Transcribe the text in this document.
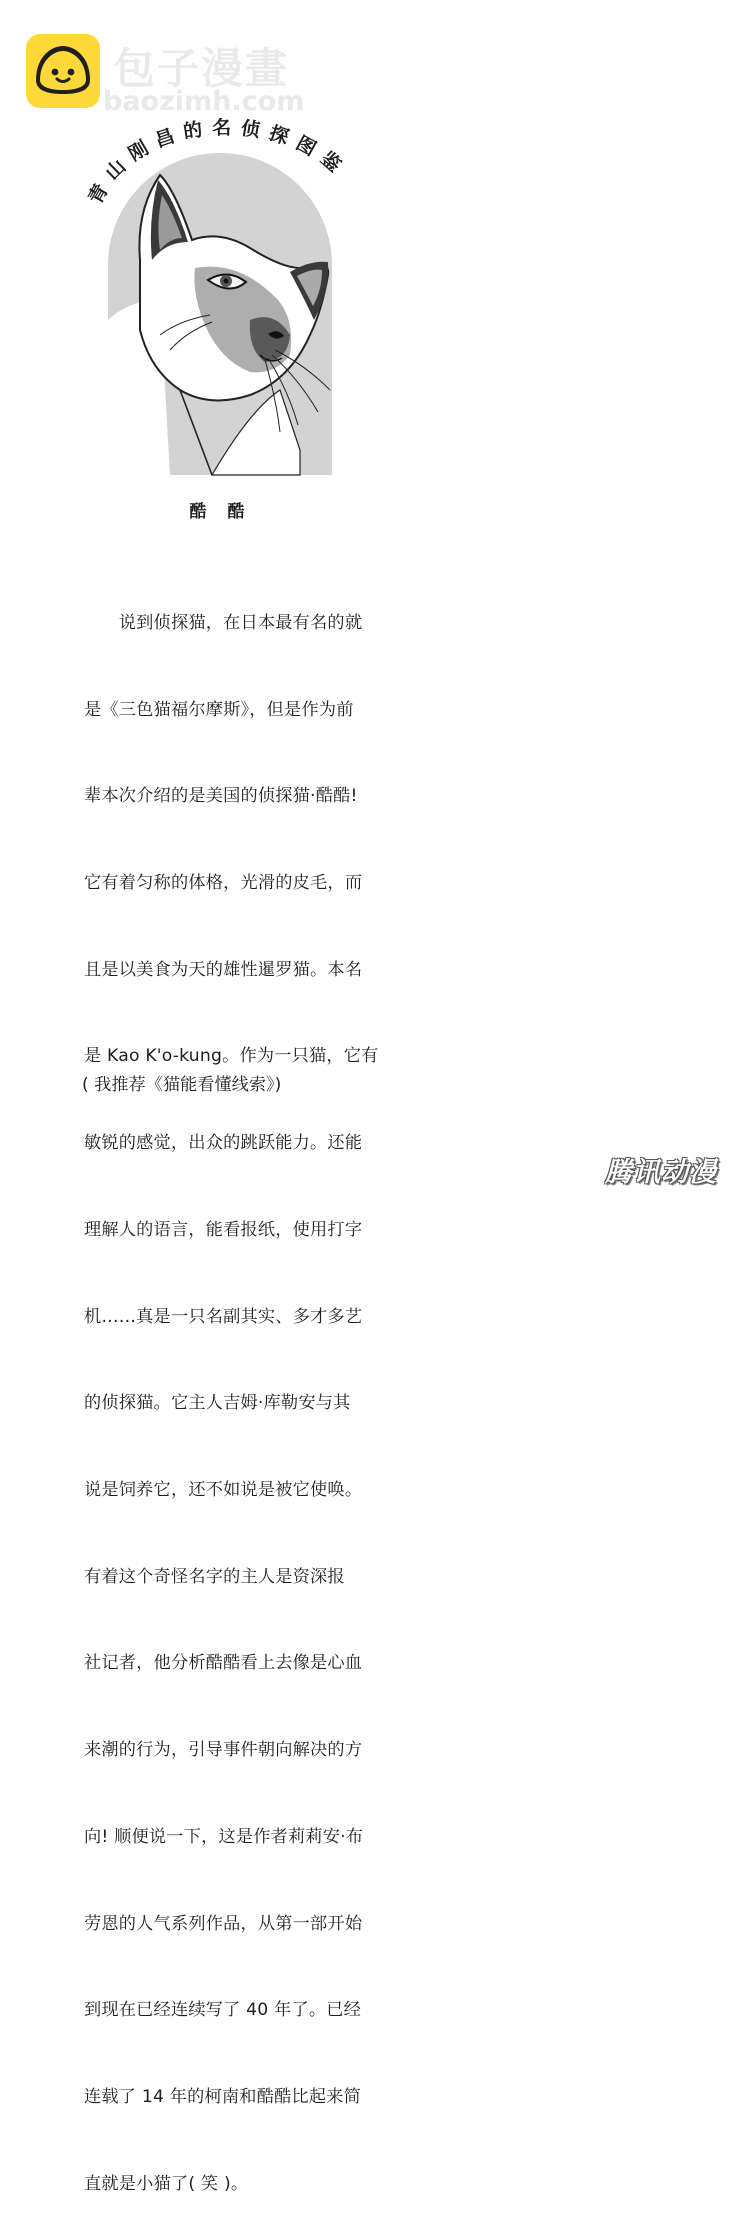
包子漫畫
baozimh.com
青山刚昌的名侦探图鉴
酷　酷

　　说到侦探猫，在日本最有名的就

是《三色猫福尔摩斯》，但是作为前

辈本次介绍的是美国的侦探猫·酷酷!

它有着匀称的体格，光滑的皮毛，而

且是以美食为天的雄性暹罗猫。本名

是 Kao K'o-kung。作为一只猫，它有

敏锐的感觉，出众的跳跃能力。还能

理解人的语言，能看报纸，使用打字

机……真是一只名副其实、多才多艺

的侦探猫。它主人吉姆·库勒安与其

说是饲养它，还不如说是被它使唤。

有着这个奇怪名字的主人是资深报

社记者，他分析酷酷看上去像是心血

来潮的行为，引导事件朝向解决的方

向! 顺便说一下，这是作者莉莉安·布

劳恩的人气系列作品，从第一部开始

到现在已经连续写了 40 年了。已经

连载了 14 年的柯南和酷酷比起来简

直就是小猫了( 笑 )。

( 我推荐《猫能看懂线索》)
腾讯动漫
